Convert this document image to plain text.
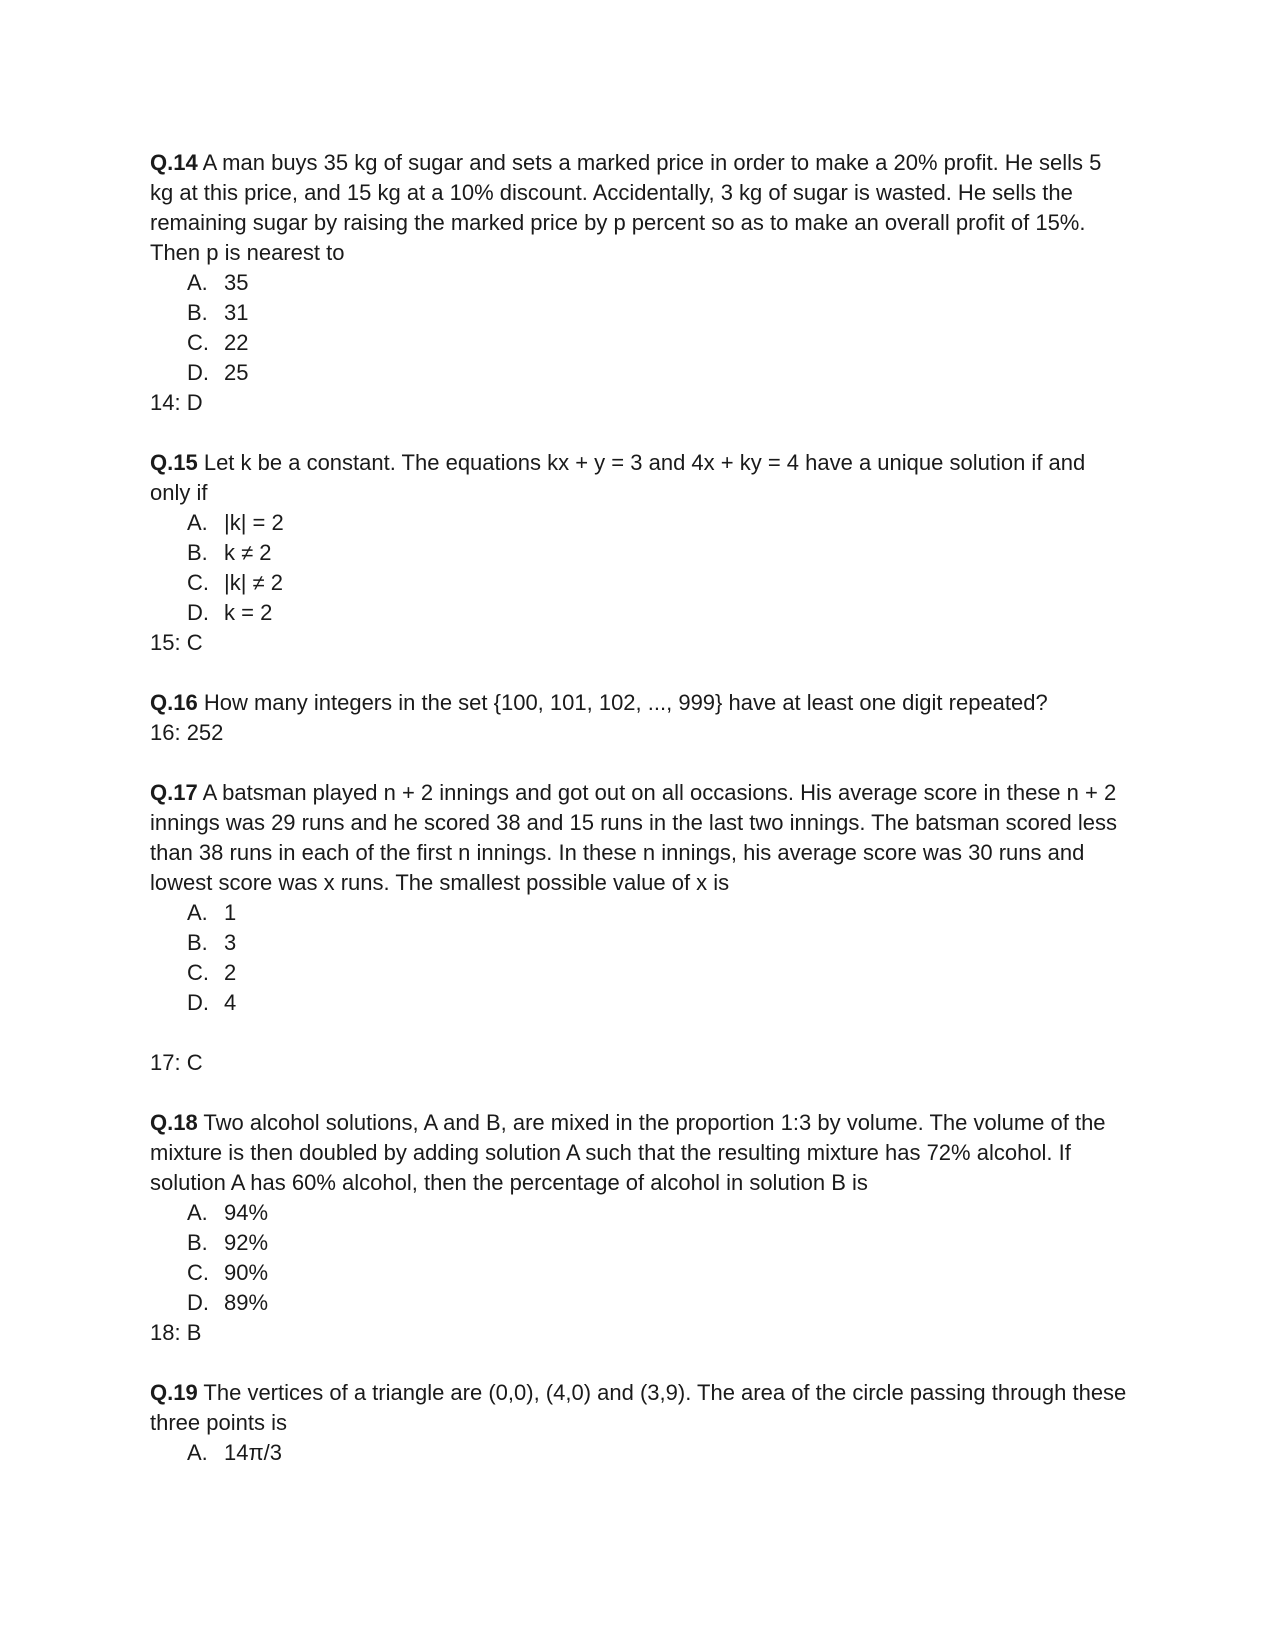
Q.14 A man buys 35 kg of sugar and sets a marked price in order to make a 20% profit. He sells 5 kg at this price, and 15 kg at a 10% discount. Accidentally, 3 kg of sugar is wasted. He sells the remaining sugar by raising the marked price by p percent so as to make an overall profit of 15%. Then p is nearest to

A. 35
B. 31
C. 22
D. 25

14: D

Q.15 Let k be a constant. The equations kx + y = 3 and 4x + ky = 4 have a unique solution if and only if

A. |k| = 2
B. k ≠ 2
C. |k| ≠ 2
D. k = 2

15: C

Q.16 How many integers in the set {100, 101, 102, ..., 999} have at least one digit repeated?

16: 252

Q.17 A batsman played n + 2 innings and got out on all occasions. His average score in these n + 2 innings was 29 runs and he scored 38 and 15 runs in the last two innings. The batsman scored less than 38 runs in each of the first n innings. In these n innings, his average score was 30 runs and lowest score was x runs. The smallest possible value of x is

A. 1
B. 3
C. 2
D. 4

17: C

Q.18 Two alcohol solutions, A and B, are mixed in the proportion 1:3 by volume. The volume of the mixture is then doubled by adding solution A such that the resulting mixture has 72% alcohol. If solution A has 60% alcohol, then the percentage of alcohol in solution B is

A. 94%
B. 92%
C. 90%
D. 89%

18: B

Q.19 The vertices of a triangle are (0,0), (4,0) and (3,9). The area of the circle passing through these three points is

A. 14π/3
